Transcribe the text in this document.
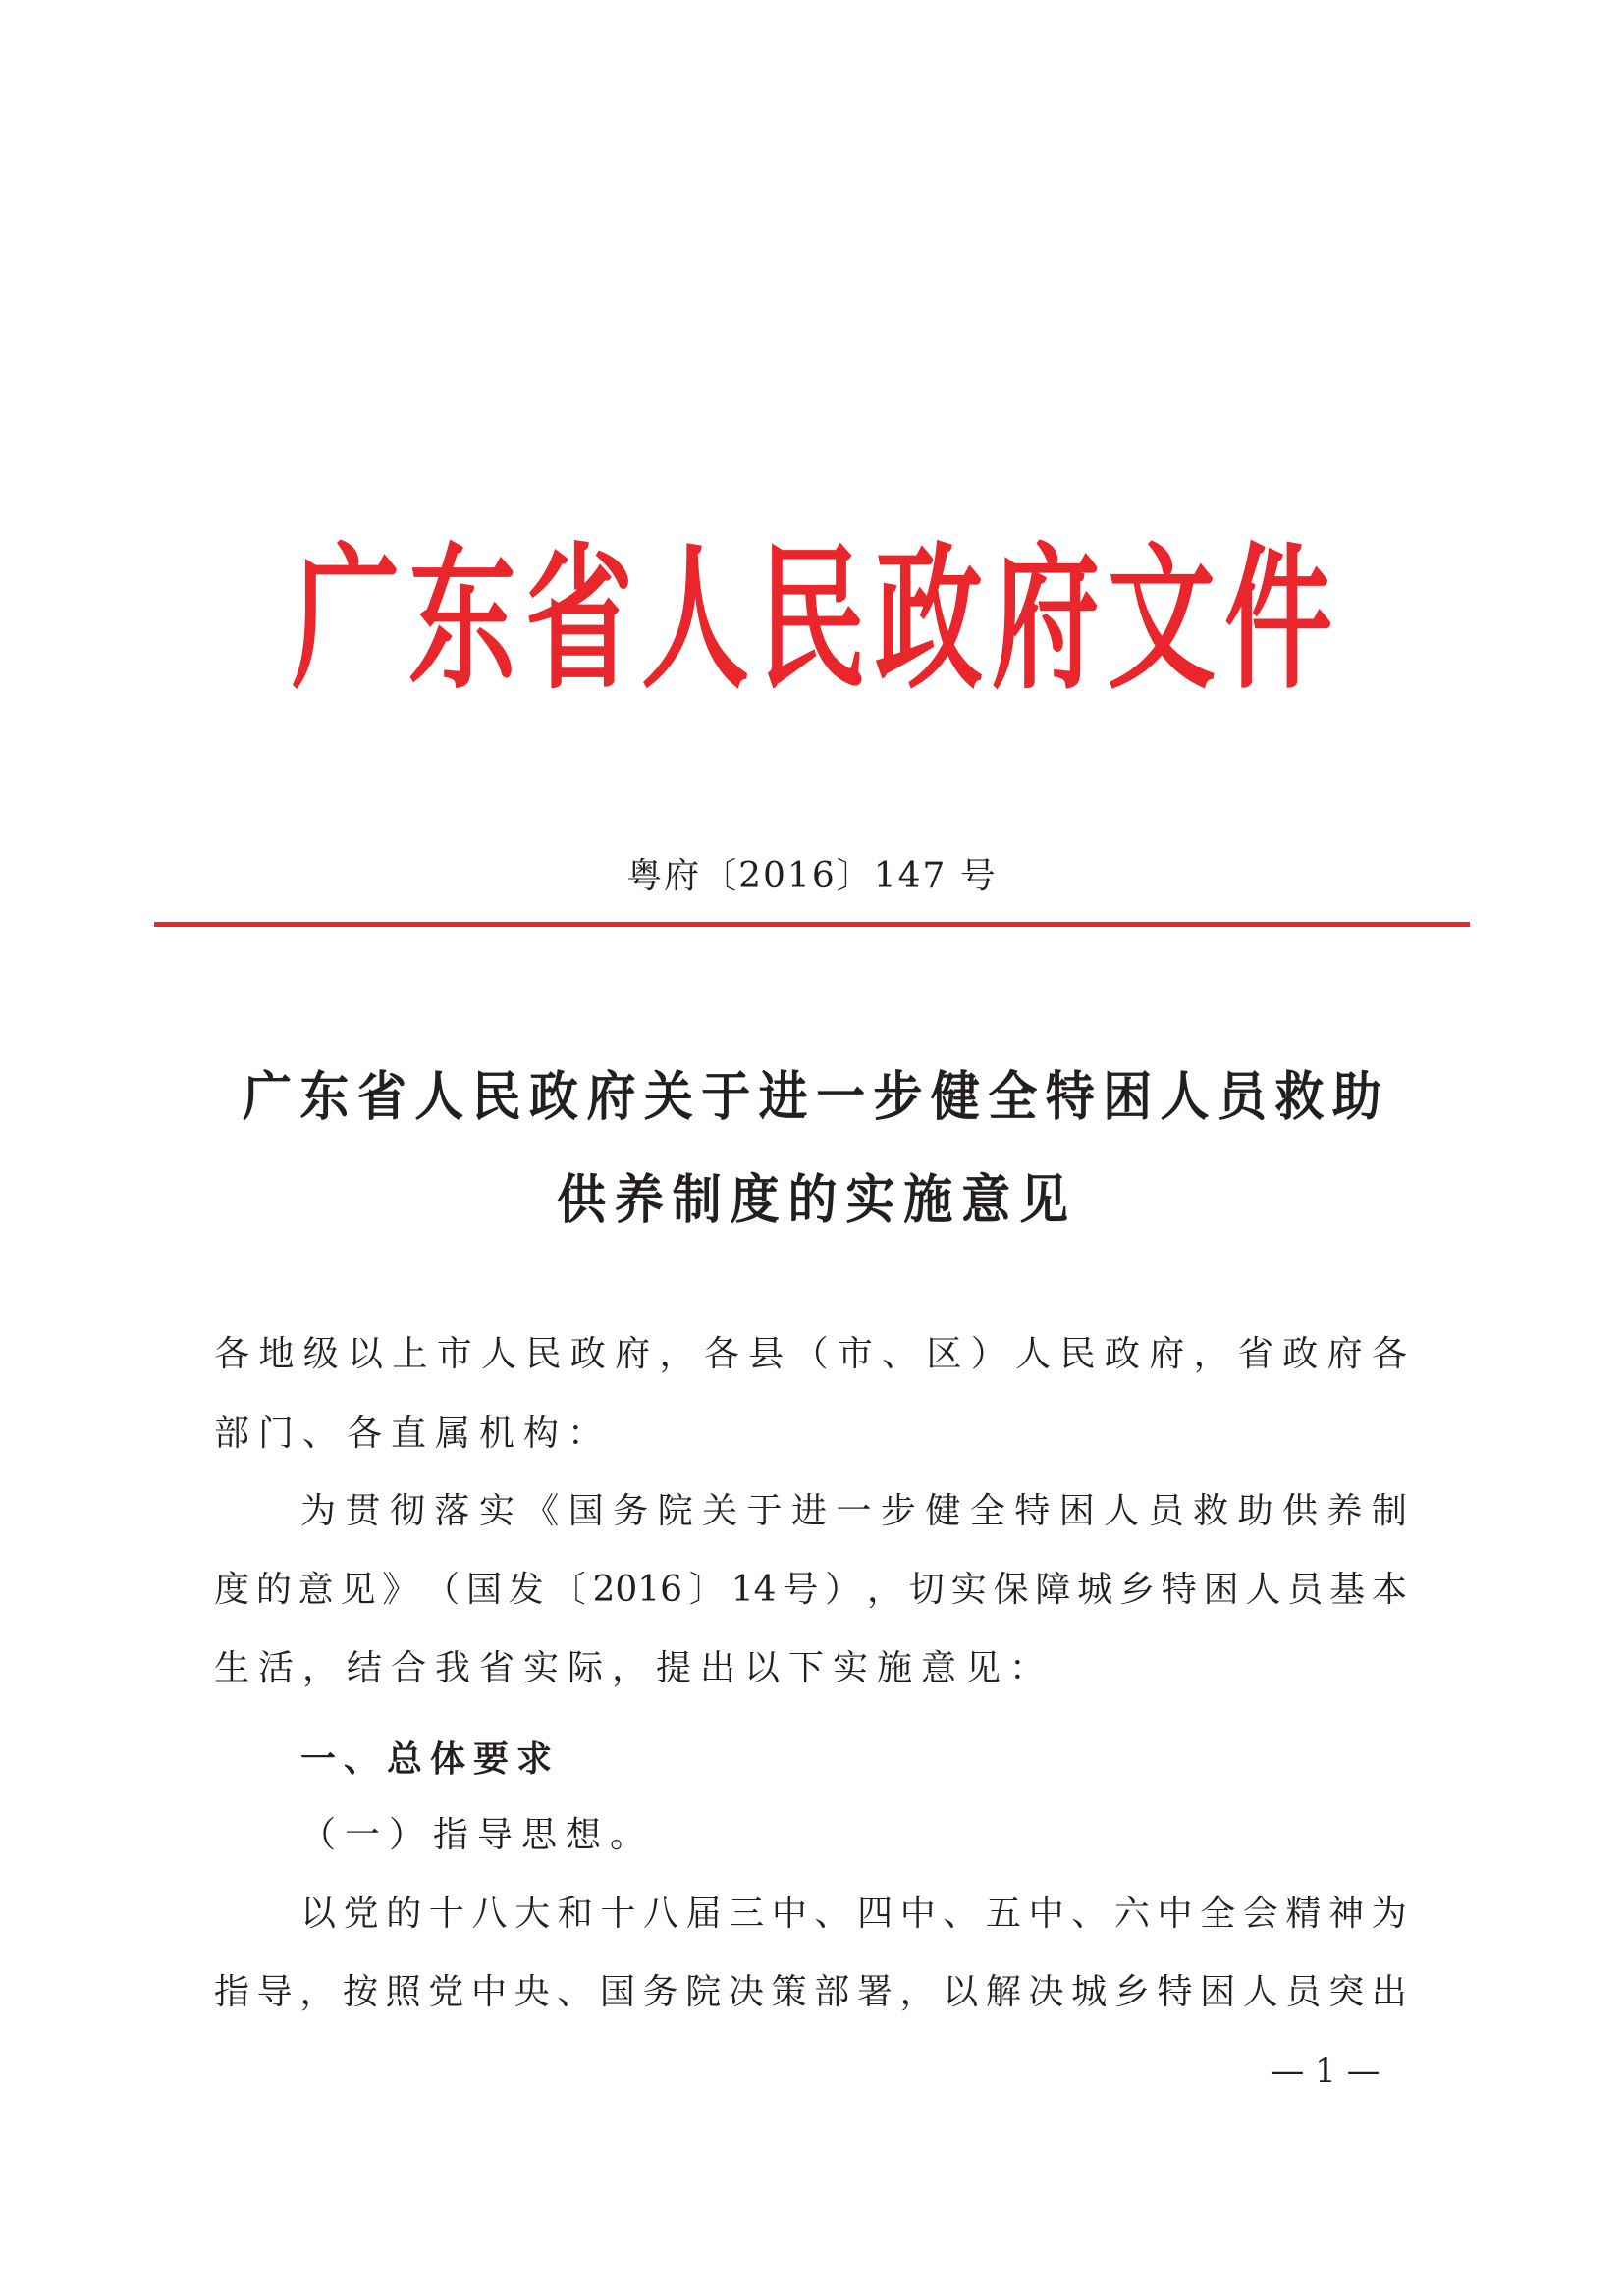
广 东 省 人 民 政 府 文 件
粤府〔2016〕147 号
广 东 省 人 民 政 府 关 于 进 一 步 健 全 特 困 人 员 救 助
供 养 制 度 的 实 施 意 见
各 地 级 以 上 市 人 民 政 府 ， 各 县 （ 市 、 区 ） 人 民 政 府 ， 省 政 府 各
部门、各直属机构：
为 贯 彻 落 实 《 国 务 院 关 于 进 一 步 健 全 特 困 人 员 救 助 供 养 制
度 的 意 见 》 （ 国 发 〔 2016 〕 14 号 ） ， 切 实 保 障 城 乡 特 困 人 员 基 本
生活，结合我省实际，提出以下实施意见：
一、总体要求
（一）指导思想。
以 党 的 十 八 大 和 十 八 届 三 中 、 四 中 、 五 中 、 六 中 全 会 精 神 为
指 导 ， 按 照 党 中 央 、 国 务 院 决 策 部 署 ， 以 解 决 城 乡 特 困 人 员 突 出
— 1 —
